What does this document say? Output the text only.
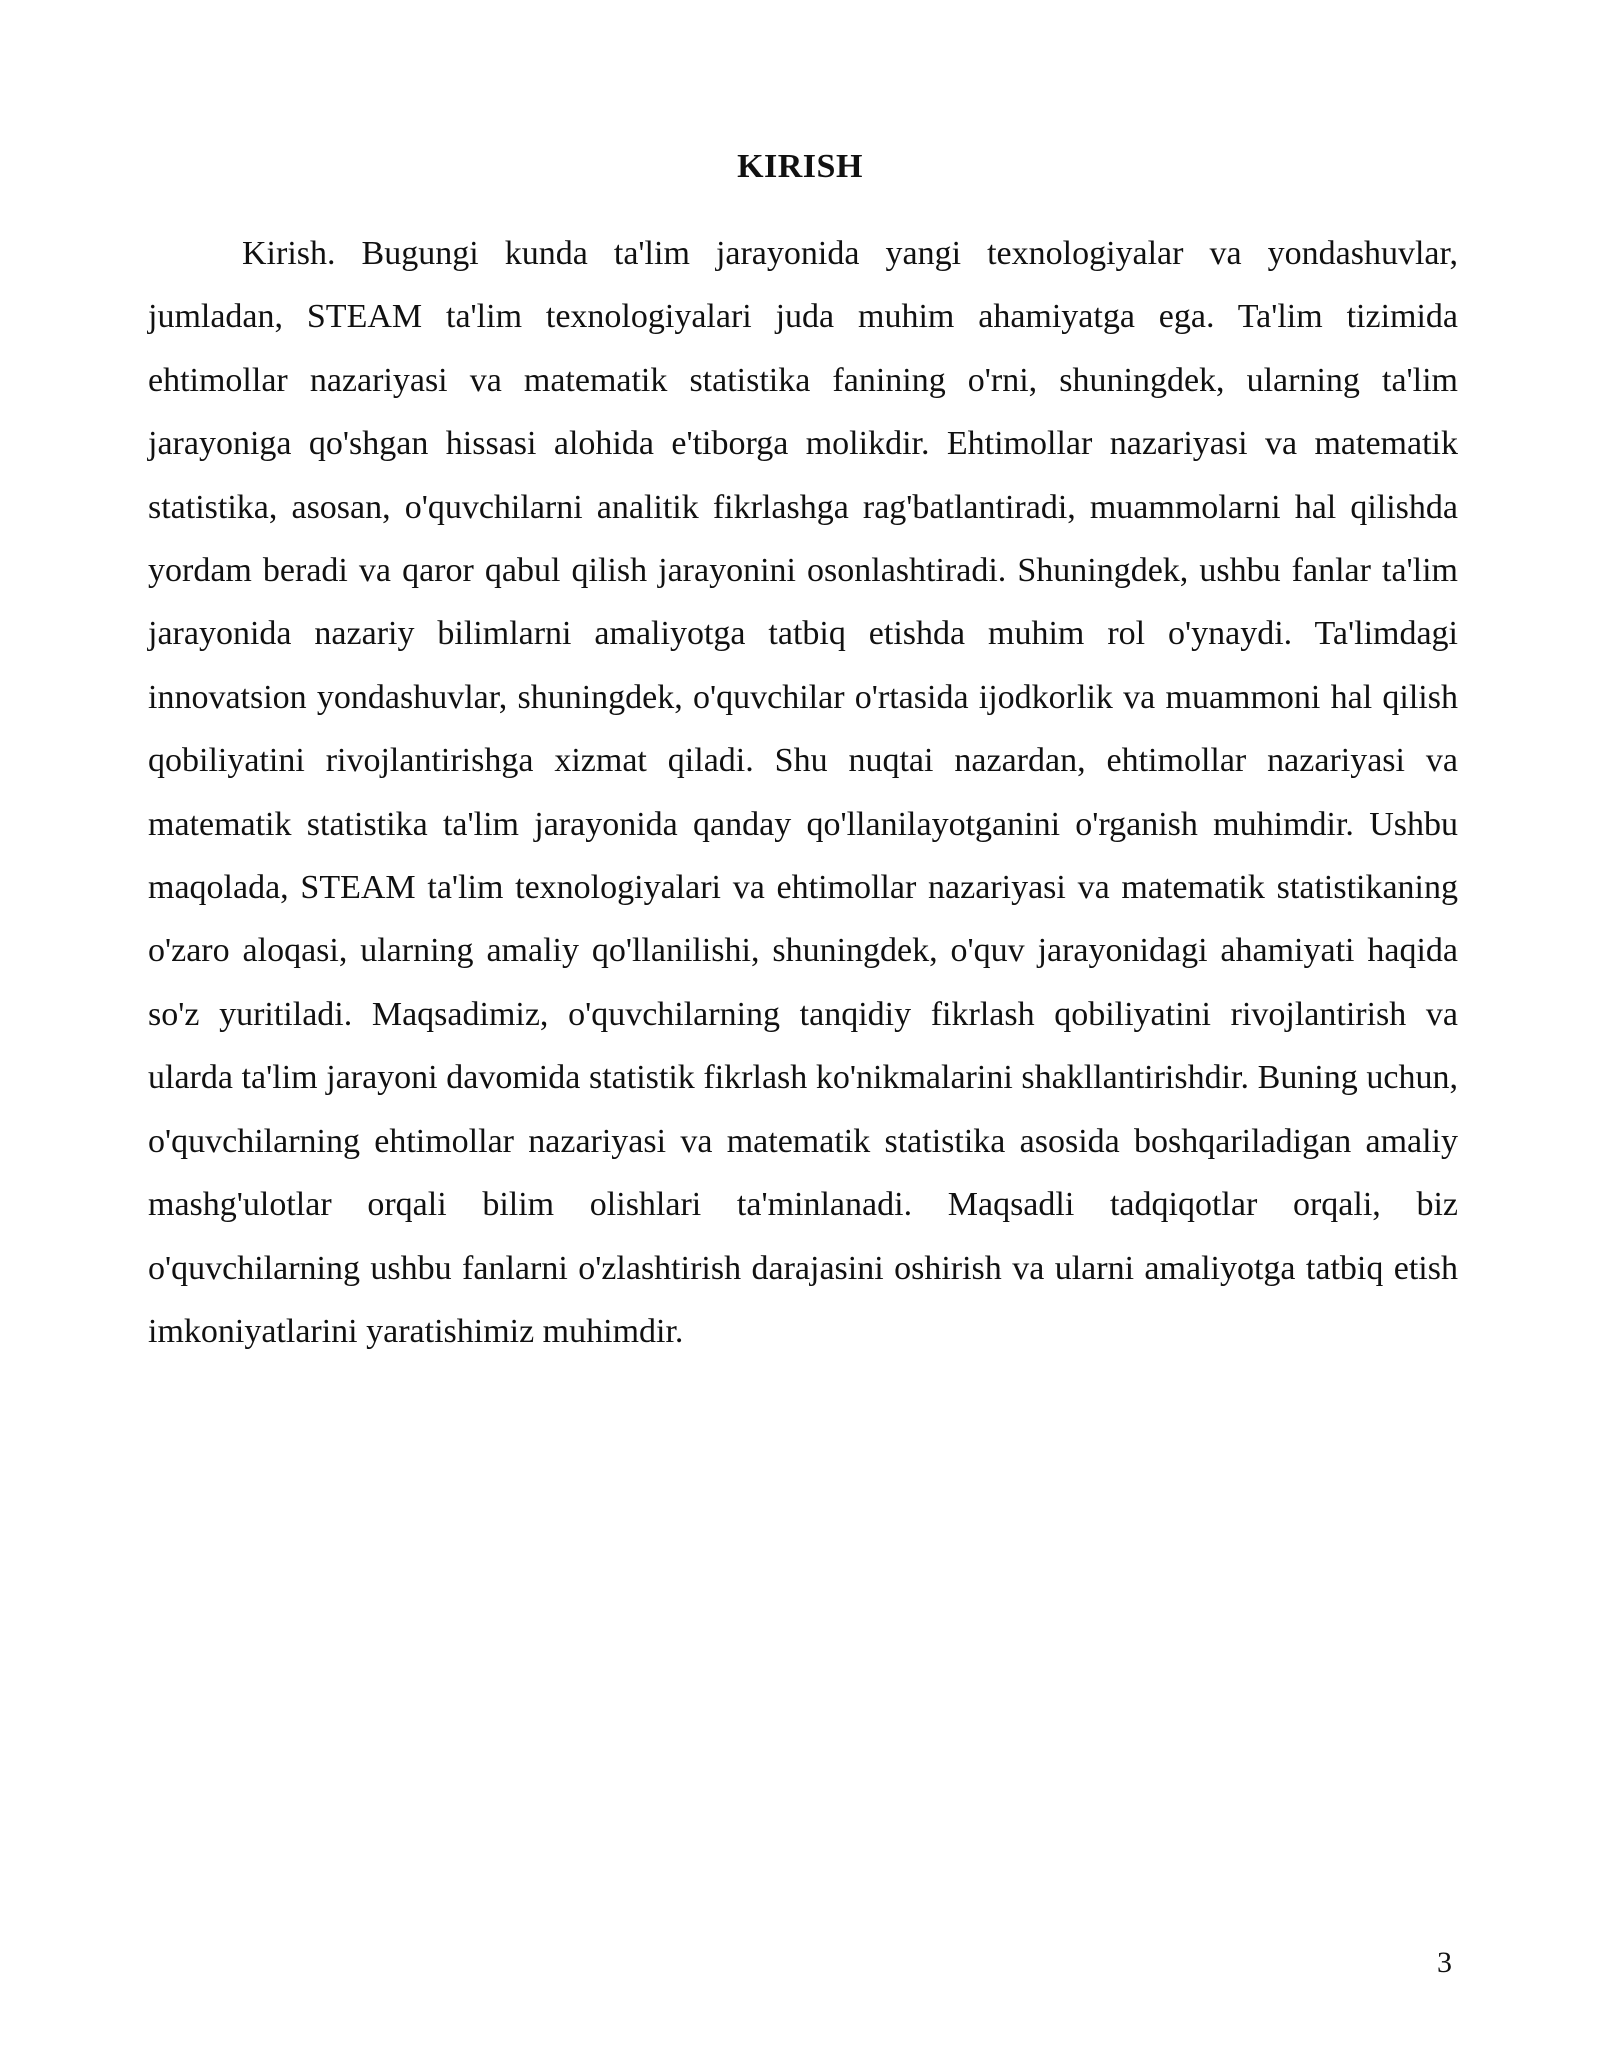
KIRISH

Kirish. Bugungi kunda ta'lim jarayonida yangi texnologiyalar va yondashuvlar, jumladan, STEAM ta'lim texnologiyalari juda muhim ahamiyatga ega. Ta'lim tizimida ehtimollar nazariyasi va matematik statistika fanining o'rni, shuningdek, ularning ta'lim jarayoniga qo'shgan hissasi alohida e'tiborga molikdir. Ehtimollar nazariyasi va matematik statistika, asosan, o'quvchilarni analitik fikrlashga rag'batlantiradi, muammolarni hal qilishda yordam beradi va qaror qabul qilish jarayonini osonlashtiradi. Shuningdek, ushbu fanlar ta'lim jarayonida nazariy bilimlarni amaliyotga tatbiq etishda muhim rol o'ynaydi. Ta'limdagi innovatsion yondashuvlar, shuningdek, o'quvchilar o'rtasida ijodkorlik va muammoni hal qilish qobiliyatini rivojlantirishga xizmat qiladi. Shu nuqtai nazardan, ehtimollar nazariyasi va matematik statistika ta'lim jarayonida qanday qo'llanilayotganini o'rganish muhimdir. Ushbu maqolada, STEAM ta'lim texnologiyalari va ehtimollar nazariyasi va matematik statistikaning o'zaro aloqasi, ularning amaliy qo'llanilishi, shuningdek, o'quv jarayonidagi ahamiyati haqida so'z yuritiladi. Maqsadimiz, o'quvchilarning tanqidiy fikrlash qobiliyatini rivojlantirish va ularda ta'lim jarayoni davomida statistik fikrlash ko'nikmalarini shakllantirishdir. Buning uchun, o'quvchilarning ehtimollar nazariyasi va matematik statistika asosida boshqariladigan amaliy mashg'ulotlar orqali bilim olishlari ta'minlanadi. Maqsadli tadqiqotlar orqali, biz o'quvchilarning ushbu fanlarni o'zlashtirish darajasini oshirish va ularni amaliyotga tatbiq etish imkoniyatlarini yaratishimiz muhimdir.

3
